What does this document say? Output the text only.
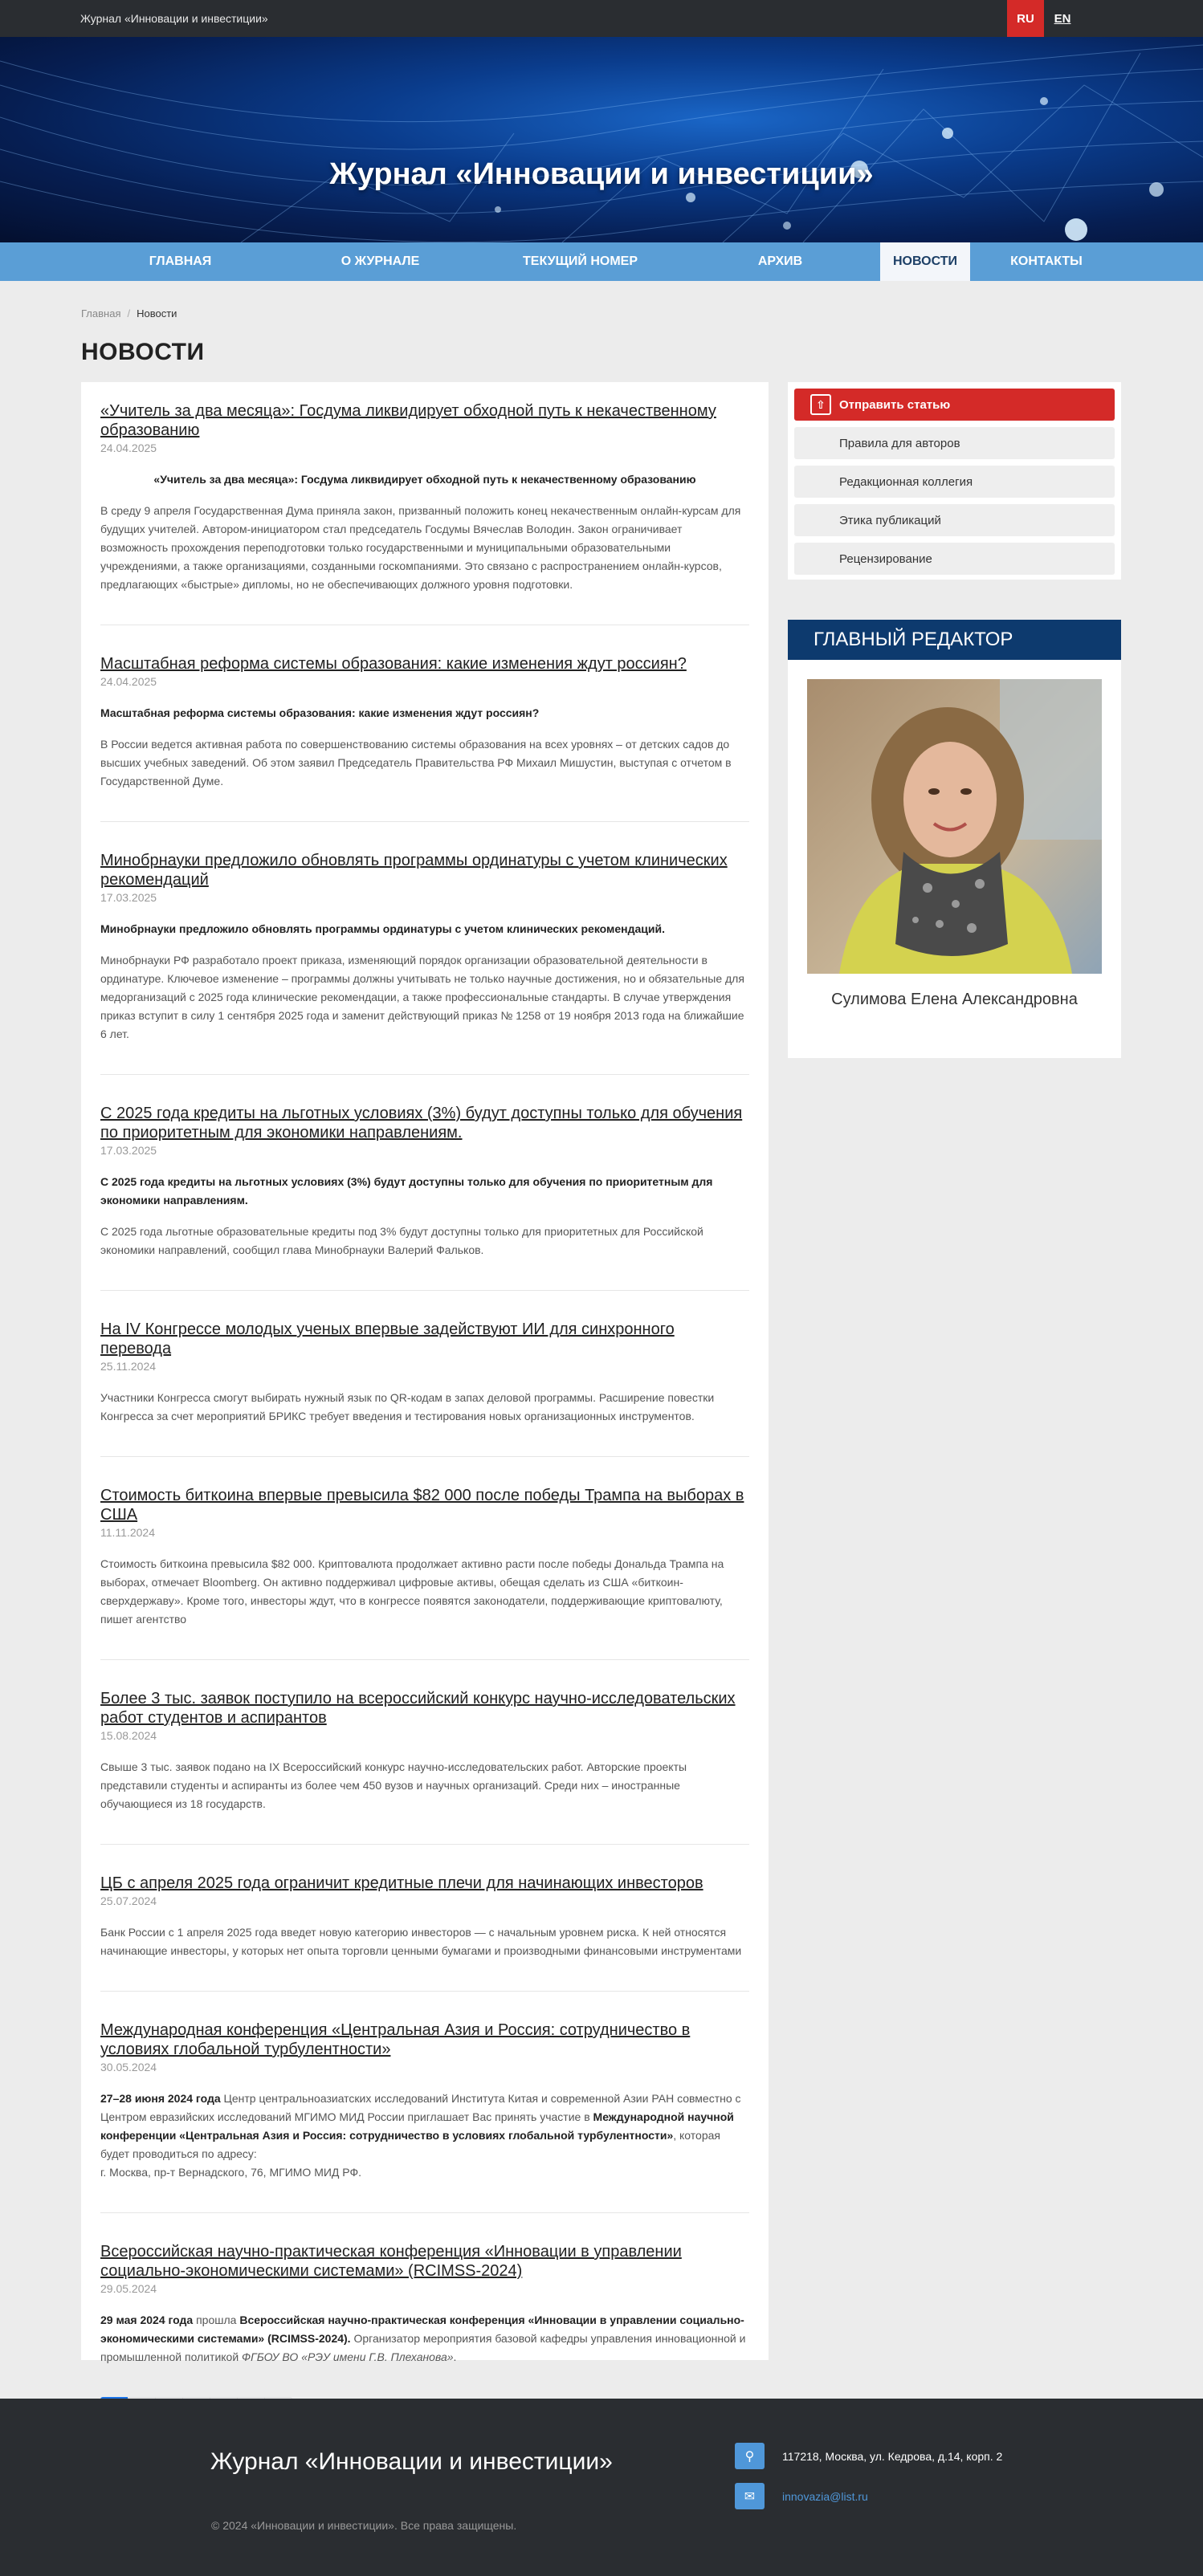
Журнал «Инновации и инвестиции»	RU	EN
Журнал «Инновации и инвестиции»
ГЛАВНАЯ	О ЖУРНАЛЕ	ТЕКУЩИЙ НОМЕР	АРХИВ	НОВОСТИ	КОНТАКТЫ
Главная / Новости
НОВОСТИ
«Учитель за два месяца»: Госдума ликвидирует обходной путь к некачественному образованию
24.04.2025
«Учитель за два месяца»: Госдума ликвидирует обходной путь к некачественному образованию
В среду 9 апреля Государственная Дума приняла закон, призванный положить конец некачественным онлайн-курсам для будущих учителей. Автором-инициатором стал председатель Госдумы Вячеслав Володин. Закон ограничивает возможность прохождения переподготовки только государственными и муниципальными образовательными учреждениями, а также организациями, созданными госкомпаниями. Это связано с распространением онлайн-курсов, предлагающих «быстрые» дипломы, но не обеспечивающих должного уровня подготовки.
Масштабная реформа системы образования: какие изменения ждут россиян?
24.04.2025
Масштабная реформа системы образования: какие изменения ждут россиян?
В России ведется активная работа по совершенствованию системы образования на всех уровнях – от детских садов до высших учебных заведений. Об этом заявил Председатель Правительства РФ Михаил Мишустин, выступая с отчетом в Государственной Думе.
Минобрнауки предложило обновлять программы ординатуры с учетом клинических рекомендаций
17.03.2025
Минобрнауки предложило обновлять программы ординатуры с учетом клинических рекомендаций.
Минобрнауки РФ разработало проект приказа, изменяющий порядок организации образовательной деятельности в ординатуре. Ключевое изменение – программы должны учитывать не только научные достижения, но и обязательные для медорганизаций с 2025 года клинические рекомендации, а также профессиональные стандарты. В случае утверждения приказ вступит в силу 1 сентября 2025 года и заменит действующий приказ № 1258 от 19 ноября 2013 года на ближайшие 6 лет.
С 2025 года кредиты на льготных условиях (3%) будут доступны только для обучения по приоритетным для экономики направлениям.
17.03.2025
С 2025 года кредиты на льготных условиях (3%) будут доступны только для обучения по приоритетным для экономики направлениям.
С 2025 года льготные образовательные кредиты под 3% будут доступны только для приоритетных для Российской экономики направлений, сообщил глава Минобрнауки Валерий Фальков.
На IV Конгрессе молодых ученых впервые задействуют ИИ для синхронного перевода
25.11.2024
Участники Конгресса смогут выбирать нужный язык по QR-кодам в запах деловой программы. Расширение повестки Конгресса за счет мероприятий БРИКС требует введения и тестирования новых организационных инструментов.
Стоимость биткоина впервые превысила $82 000 после победы Трампа на выборах в США
11.11.2024
Стоимость биткоина превысила $82 000. Криптовалюта продолжает активно расти после победы Дональда Трампа на выборах, отмечает Bloomberg. Он активно поддерживал цифровые активы, обещая сделать из США «биткоин-сверхдержаву». Кроме того, инвесторы ждут, что в конгрессе появятся законодатели, поддерживающие криптовалюту, пишет агентство
Более 3 тыс. заявок поступило на всероссийский конкурс научно-исследовательских работ студентов и аспирантов
15.08.2024
Свыше 3 тыс. заявок подано на IX Всероссийский конкурс научно-исследовательских работ. Авторские проекты представили студенты и аспиранты из более чем 450 вузов и научных организаций. Среди них – иностранные обучающиеся из 18 государств.
ЦБ с апреля 2025 года ограничит кредитные плечи для начинающих инвесторов
25.07.2024
Банк России с 1 апреля 2025 года введет новую категорию инвесторов — с начальным уровнем риска. К ней относятся начинающие инвесторы, у которых нет опыта торговли ценными бумагами и производными финансовыми инструментами
Международная конференция «Центральная Азия и Россия: сотрудничество в условиях глобальной турбулентности»
30.05.2024
27–28 июня 2024 года Центр центральноазиатских исследований Института Китая и современной Азии РАН совместно с Центром евразийских исследований МГИМО МИД России приглашает Вас принять участие в Международной научной конференции «Центральная Азия и Россия: сотрудничество в условиях глобальной турбулентности», которая будет проводиться по адресу:
г. Москва, пр-т Вернадского, 76, МГИМО МИД РФ.
Всероссийская научно-практическая конференция «Инновации в управлении социально-экономическими системами» (RCIMSS-2024)
29.05.2024
29 мая 2024 года прошла Всероссийская научно-практическая конференция «Инновации в управлении социально-экономическими системами» (RCIMSS-2024). Организатор мероприятия базовой кафедры управления инновационной и промышленной политикой ФГБОУ ВО «РЭУ имени Г.В. Плеханова».
⇧	Отправить статью
Правила для авторов
Редакционная коллегия
Этика публикаций
Рецензирование
ГЛАВНЫЙ РЕДАКТОР
Сулимова Елена Александровна
Журнал «Инновации и инвестиции»
© 2024 «Инновации и инвестиции». Все права защищены.
⚲	117218, Москва, ул. Кедрова, д.14, корп. 2
✉	innovazia@list.ru
